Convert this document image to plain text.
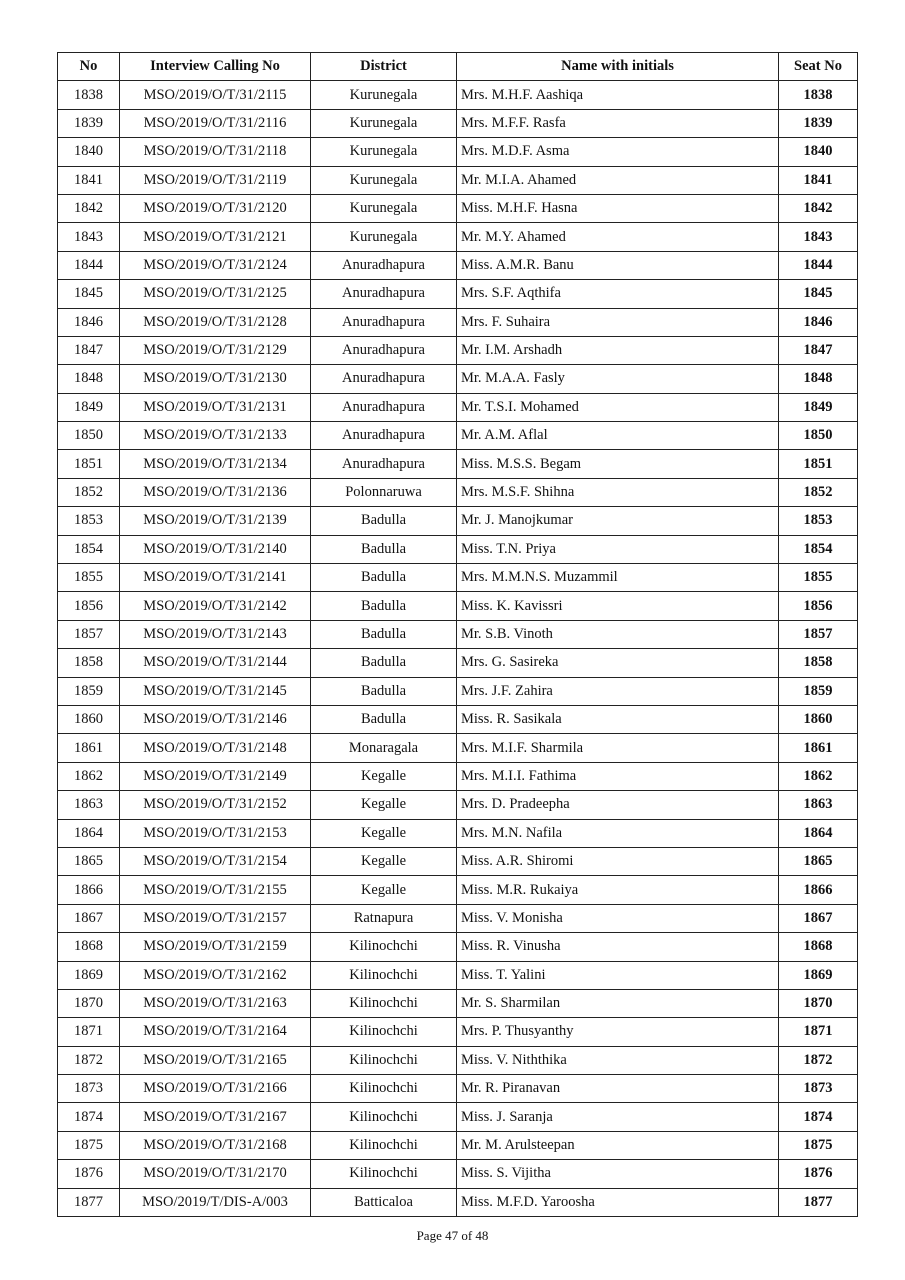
No	Interview Calling No	District	Name with initials	Seat No
1838	MSO/2019/O/T/31/2115	Kurunegala	Mrs. M.H.F. Aashiqa	1838
1839	MSO/2019/O/T/31/2116	Kurunegala	Mrs. M.F.F. Rasfa	1839
1840	MSO/2019/O/T/31/2118	Kurunegala	Mrs. M.D.F. Asma	1840
1841	MSO/2019/O/T/31/2119	Kurunegala	Mr. M.I.A. Ahamed	1841
1842	MSO/2019/O/T/31/2120	Kurunegala	Miss. M.H.F. Hasna	1842
1843	MSO/2019/O/T/31/2121	Kurunegala	Mr. M.Y. Ahamed	1843
1844	MSO/2019/O/T/31/2124	Anuradhapura	Miss. A.M.R. Banu	1844
1845	MSO/2019/O/T/31/2125	Anuradhapura	Mrs. S.F. Aqthifa	1845
1846	MSO/2019/O/T/31/2128	Anuradhapura	Mrs. F. Suhaira	1846
1847	MSO/2019/O/T/31/2129	Anuradhapura	Mr. I.M. Arshadh	1847
1848	MSO/2019/O/T/31/2130	Anuradhapura	Mr. M.A.A. Fasly	1848
1849	MSO/2019/O/T/31/2131	Anuradhapura	Mr. T.S.I. Mohamed	1849
1850	MSO/2019/O/T/31/2133	Anuradhapura	Mr. A.M. Aflal	1850
1851	MSO/2019/O/T/31/2134	Anuradhapura	Miss. M.S.S. Begam	1851
1852	MSO/2019/O/T/31/2136	Polonnaruwa	Mrs. M.S.F. Shihna	1852
1853	MSO/2019/O/T/31/2139	Badulla	Mr. J. Manojkumar	1853
1854	MSO/2019/O/T/31/2140	Badulla	Miss. T.N. Priya	1854
1855	MSO/2019/O/T/31/2141	Badulla	Mrs. M.M.N.S. Muzammil	1855
1856	MSO/2019/O/T/31/2142	Badulla	Miss. K. Kavissri	1856
1857	MSO/2019/O/T/31/2143	Badulla	Mr. S.B. Vinoth	1857
1858	MSO/2019/O/T/31/2144	Badulla	Mrs. G. Sasireka	1858
1859	MSO/2019/O/T/31/2145	Badulla	Mrs. J.F. Zahira	1859
1860	MSO/2019/O/T/31/2146	Badulla	Miss. R. Sasikala	1860
1861	MSO/2019/O/T/31/2148	Monaragala	Mrs. M.I.F. Sharmila	1861
1862	MSO/2019/O/T/31/2149	Kegalle	Mrs. M.I.I. Fathima	1862
1863	MSO/2019/O/T/31/2152	Kegalle	Mrs. D. Pradeepha	1863
1864	MSO/2019/O/T/31/2153	Kegalle	Mrs. M.N. Nafila	1864
1865	MSO/2019/O/T/31/2154	Kegalle	Miss. A.R. Shiromi	1865
1866	MSO/2019/O/T/31/2155	Kegalle	Miss. M.R. Rukaiya	1866
1867	MSO/2019/O/T/31/2157	Ratnapura	Miss. V. Monisha	1867
1868	MSO/2019/O/T/31/2159	Kilinochchi	Miss. R. Vinusha	1868
1869	MSO/2019/O/T/31/2162	Kilinochchi	Miss. T. Yalini	1869
1870	MSO/2019/O/T/31/2163	Kilinochchi	Mr. S. Sharmilan	1870
1871	MSO/2019/O/T/31/2164	Kilinochchi	Mrs. P. Thusyanthy	1871
1872	MSO/2019/O/T/31/2165	Kilinochchi	Miss. V. Niththika	1872
1873	MSO/2019/O/T/31/2166	Kilinochchi	Mr. R. Piranavan	1873
1874	MSO/2019/O/T/31/2167	Kilinochchi	Miss. J. Saranja	1874
1875	MSO/2019/O/T/31/2168	Kilinochchi	Mr. M. Arulsteepan	1875
1876	MSO/2019/O/T/31/2170	Kilinochchi	Miss. S. Vijitha	1876
1877	MSO/2019/T/DIS-A/003	Batticaloa	Miss. M.F.D. Yaroosha	1877
Page 47 of 48
